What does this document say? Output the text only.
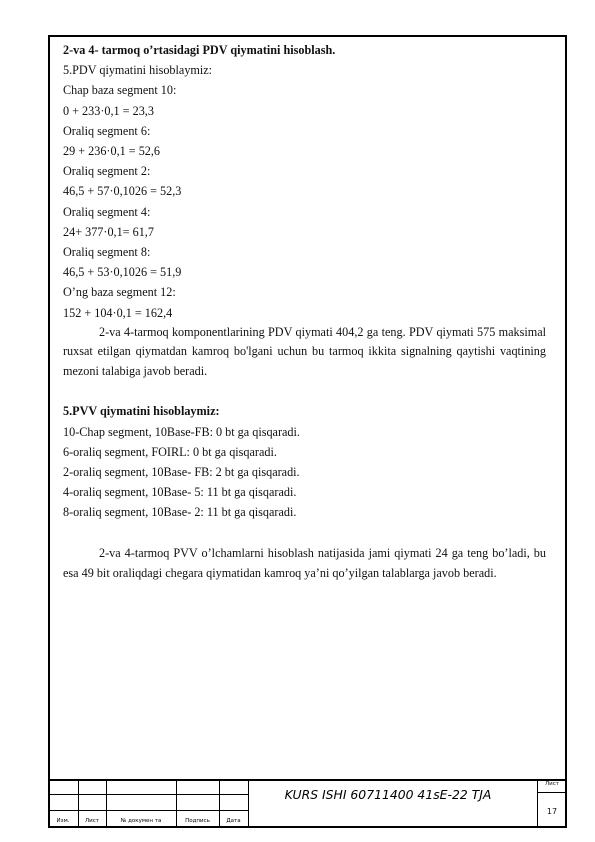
2-va 4- tarmoq o’rtasidagi PDV qiymatini hisoblash.
5.PDV qiymatini hisoblaymiz:
Chap baza segment 10:
0 + 233·0,1 = 23,3
Oraliq segment 6:
29 + 236·0,1 = 52,6
Oraliq segment 2:
46,5 + 57·0,1026 = 52,3
Oraliq segment 4:
24+ 377·0,1= 61,7
Oraliq segment 8:
46,5 + 53·0,1026 = 51,9
O’ng baza segment 12:
152 + 104·0,1 = 162,4
2-va 4-tarmoq komponentlarining PDV qiymati 404,2 ga teng. PDV qiymati 575 maksimal ruxsat etilgan qiymatdan kamroq bo'lgani uchun bu tarmoq ikkita signalning qaytishi vaqtining mezoni talabiga javob beradi.
5.PVV qiymatini hisoblaymiz:
10-Chap segment, 10Base-FB: 0 bt ga qisqaradi.
6-oraliq segment, FOIRL: 0 bt ga qisqaradi.
2-oraliq segment, 10Base- FB: 2 bt ga qisqaradi.
4-oraliq segment, 10Base- 5: 11 bt ga qisqaradi.
8-oraliq segment, 10Base- 2: 11 bt ga qisqaradi.
2-va 4-tarmoq PVV o’lchamlarni hisoblash natijasida jami qiymati 24 ga teng bo’ladi, bu esa 49 bit oraliqdagi chegara qiymatidan kamroq ya’ni qo’yilgan talablarga javob beradi.
Изм.	Лист	№ докумен та	Подпись	Дата
KURS ISHI 60711400 41sE-22 TJA
Лист
17
